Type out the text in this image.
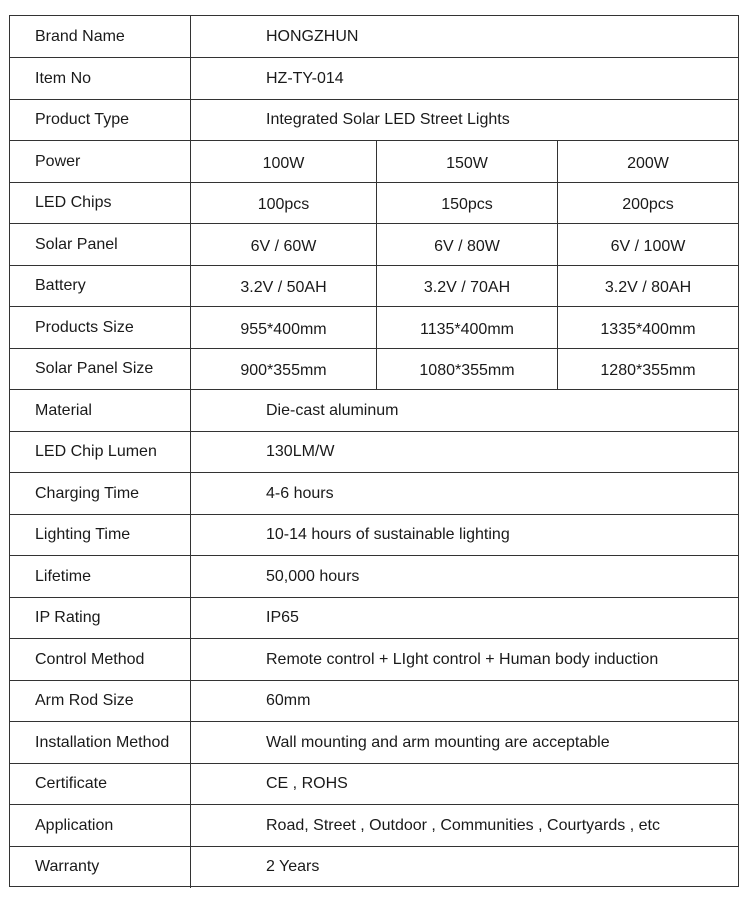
Brand Name	HONGZHUN
Item No	HZ-TY-014
Product Type	Integrated Solar LED Street Lights
Power	100W	150W	200W
LED Chips	100pcs	150pcs	200pcs
Solar Panel	6V / 60W	6V / 80W	6V / 100W
Battery	3.2V / 50AH	3.2V / 70AH	3.2V / 80AH
Products Size	955*400mm	1135*400mm	1335*400mm
Solar Panel Size	900*355mm	1080*355mm	1280*355mm
Material	Die-cast aluminum
LED Chip Lumen	130LM/W
Charging Time	4-6 hours
Lighting Time	10-14 hours of sustainable lighting
Lifetime	50,000 hours
IP Rating	IP65
Control Method	Remote control + LIght control + Human body induction
Arm Rod Size	60mm
Installation Method	Wall mounting and arm mounting are acceptable
Certificate	CE , ROHS
Application	Road, Street , Outdoor , Communities , Courtyards , etc
Warranty	2 Years
